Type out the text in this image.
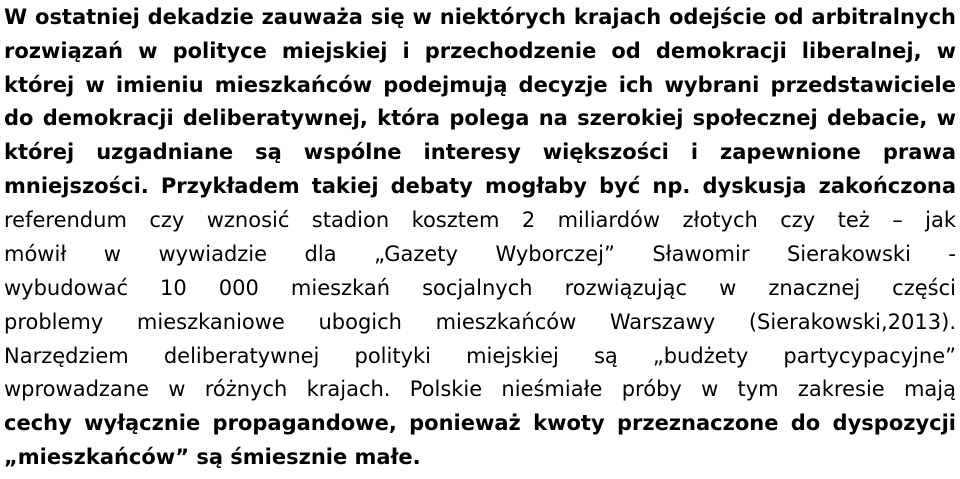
W ostatniej dekadzie zauważa się w niektórych krajach odejście od arbitralnych
rozwiązań w polityce miejskiej i przechodzenie od demokracji liberalnej, w
której w imieniu mieszkańców podejmują decyzje ich wybrani przedstawiciele
do demokracji deliberatywnej, która polega na szerokiej społecznej debacie, w
której uzgadniane są wspólne interesy większości i zapewnione prawa
mniejszości. Przykładem takiej debaty mogłaby być np. dyskusja zakończona
referendum czy wznosić stadion kosztem 2 miliardów złotych czy też – jak
mówił w wywiadzie dla „Gazety Wyborczej” Sławomir Sierakowski -
wybudować 10 000 mieszkań socjalnych rozwiązując w znacznej części
problemy mieszkaniowe ubogich mieszkańców Warszawy (Sierakowski,2013).
Narzędziem deliberatywnej polityki miejskiej są „budżety partycypacyjne”
wprowadzane w różnych krajach. Polskie nieśmiałe próby w tym zakresie mają
cechy wyłącznie propagandowe, ponieważ kwoty przeznaczone do dyspozycji
„mieszkańców” są śmiesznie małe.
